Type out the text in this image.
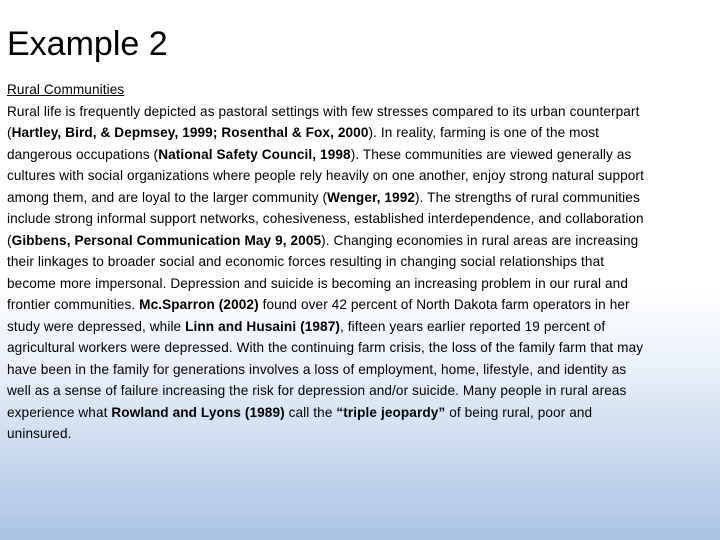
Example 2
Rural Communities
Rural life is frequently depicted as pastoral settings with few stresses compared to its urban counterpart (Hartley, Bird, & Depmsey, 1999; Rosenthal & Fox, 2000). In reality, farming is one of the most dangerous occupations (National Safety Council, 1998). These communities are viewed generally as cultures with social organizations where people rely heavily on one another, enjoy strong natural support among them, and are loyal to the larger community (Wenger, 1992). The strengths of rural communities include strong informal support networks, cohesiveness, established interdependence, and collaboration (Gibbens, Personal Communication May 9, 2005). Changing economies in rural areas are increasing their linkages to broader social and economic forces resulting in changing social relationships that become more impersonal. Depression and suicide is becoming an increasing problem in our rural and frontier communities. Mc.Sparron (2002) found over 42 percent of North Dakota farm operators in her study were depressed, while Linn and Husaini (1987), fifteen years earlier reported 19 percent of agricultural workers were depressed. With the continuing farm crisis, the loss of the family farm that may have been in the family for generations involves a loss of employment, home, lifestyle, and identity as well as a sense of failure increasing the risk for depression and/or suicide. Many people in rural areas experience what Rowland and Lyons (1989) call the “triple jeopardy” of being rural, poor and uninsured.
